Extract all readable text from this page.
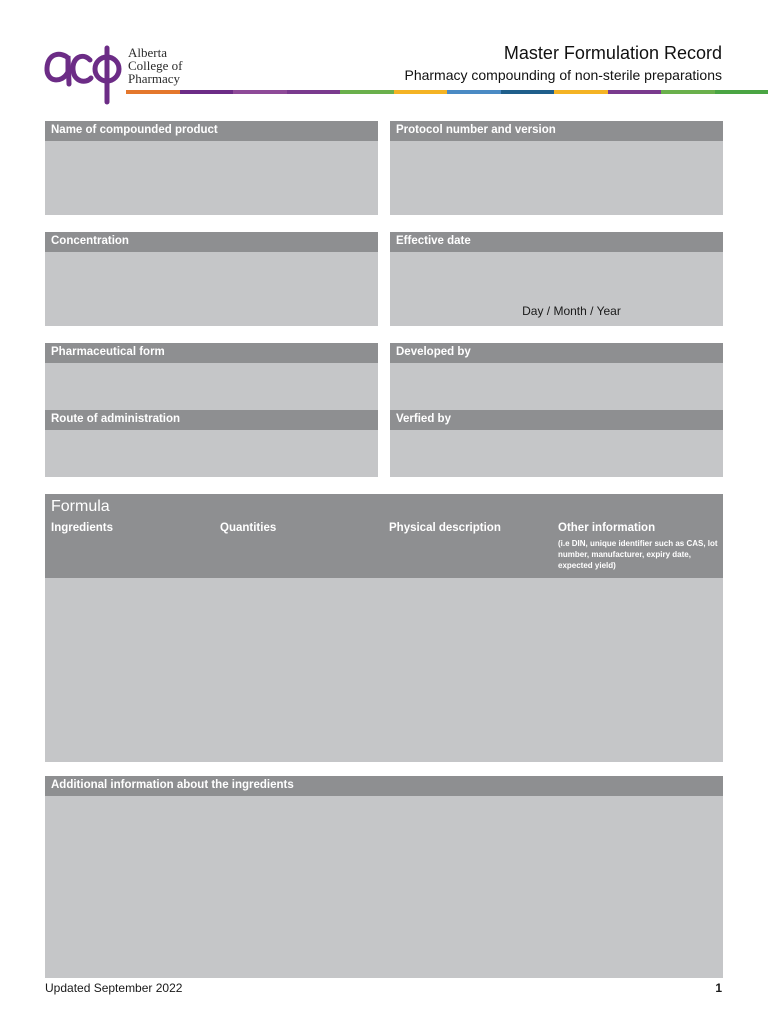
Alberta
College of
Pharmacy
Master Formulation Record
Pharmacy compounding of non-sterile preparations
Name of compounded product	Protocol number and version
Concentration	Effective date
Day / Month / Year
Pharmaceutical form	Developed by
Route of administration	Verfied by
Formula
Ingredients	Quantities	Physical description	Other information
(i.e DIN, unique identifier such as CAS, lot number, manufacturer, expiry date, expected yield)
Additional information about the ingredients
Updated September 2022	1
